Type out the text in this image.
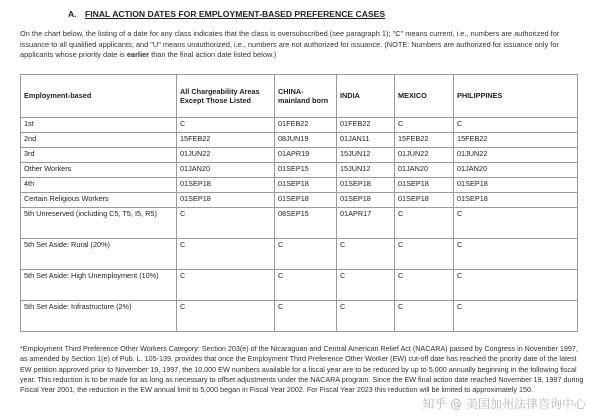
A. FINAL ACTION DATES FOR EMPLOYMENT-BASED PREFERENCE CASES
On the chart below, the listing of a date for any class indicates that the class is oversubscribed (see paragraph 1); "C" means current, i.e., numbers are authorized for issuance to all qualified applicants; and "U" means unauthorized, i.e., numbers are not authorized for issuance. (NOTE: Numbers are authorized for issuance only for applicants whose priority date is earlier than the final action date listed below.)
Employment-based	All Chargeability Areas Except Those Listed	CHINA-mainland born	INDIA	MEXICO	PHILIPPINES
1st	C	01FEB22	01FEB22	C	C
2nd	15FEB22	08JUN19	01JAN11	15FEB22	15FEB22
3rd	01JUN22	01APR19	15JUN12	01JUN22	01JUN22
Other Workers	01JAN20	01SEP15	15JUN12	01JAN20	01JAN20
4th	01SEP18	01SEP18	01SEP18	01SEP18	01SEP18
Certain Religious Workers	01SEP18	01SEP18	01SEP18	01SEP18	01SEP18
5th Unreserved (including C5, T5, I5, R5)	C	08SEP15	01APR17	C	C
5th Set Aside: Rural (20%)	C	C	C	C	C
5th Set Aside: High Unemployment (10%)	C	C	C	C	C
5th Set Aside: Infrastructure (2%)	C	C	C	C	C
*Employment Third Preference Other Workers Category: Section 203(e) of the Nicaraguan and Central American Relief Act (NACARA) passed by Congress in November 1997, as amended by Section 1(e) of Pub. L. 105-139, provides that once the Employment Third Preference Other Worker (EW) cut-off date has reached the priority date of the latest EW petition approved prior to November 19, 1997, the 10,000 EW numbers available for a fiscal year are to be reduced by up to 5,000 annually beginning in the following fiscal year. This reduction is to be made for as long as necessary to offset adjustments under the NACARA program. Since the EW final action date reached November 19, 1997 during Fiscal Year 2001, the reduction in the EW annual limit to 5,000 began in Fiscal Year 2002. For Fiscal Year 2023 this reduction will be limited to approximately 150.
知乎 @ 美国加州法律咨询中心
